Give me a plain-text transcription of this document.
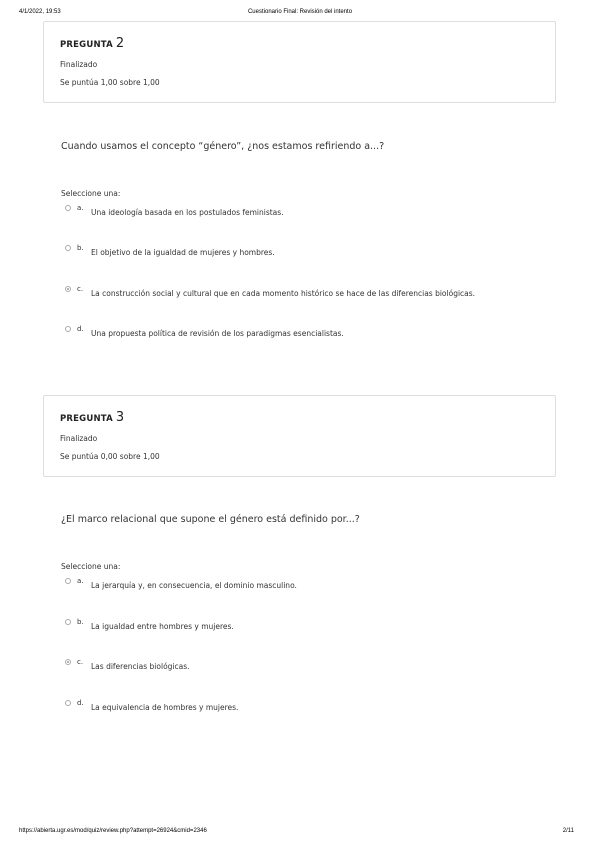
4/1/2022, 19:53	Cuestionario Final: Revisión del intento
PREGUNTA 2
Finalizado
Se puntúa 1,00 sobre 1,00
Cuando usamos el concepto “género”, ¿nos estamos refiriendo a...?
Seleccione una:
a. Una ideología basada en los postulados feministas.
b. El objetivo de la igualdad de mujeres y hombres.
c. La construcción social y cultural que en cada momento histórico se hace de las diferencias biológicas.
d. Una propuesta política de revisión de los paradigmas esencialistas.
PREGUNTA 3
Finalizado
Se puntúa 0,00 sobre 1,00
¿El marco relacional que supone el género está definido por...?
Seleccione una:
a. La jerarquía y, en consecuencia, el dominio masculino.
b. La igualdad entre hombres y mujeres.
c. Las diferencias biológicas.
d. La equivalencia de hombres y mujeres.
https://abierta.ugr.es/mod/quiz/review.php?attempt=26924&cmid=2346	2/11
